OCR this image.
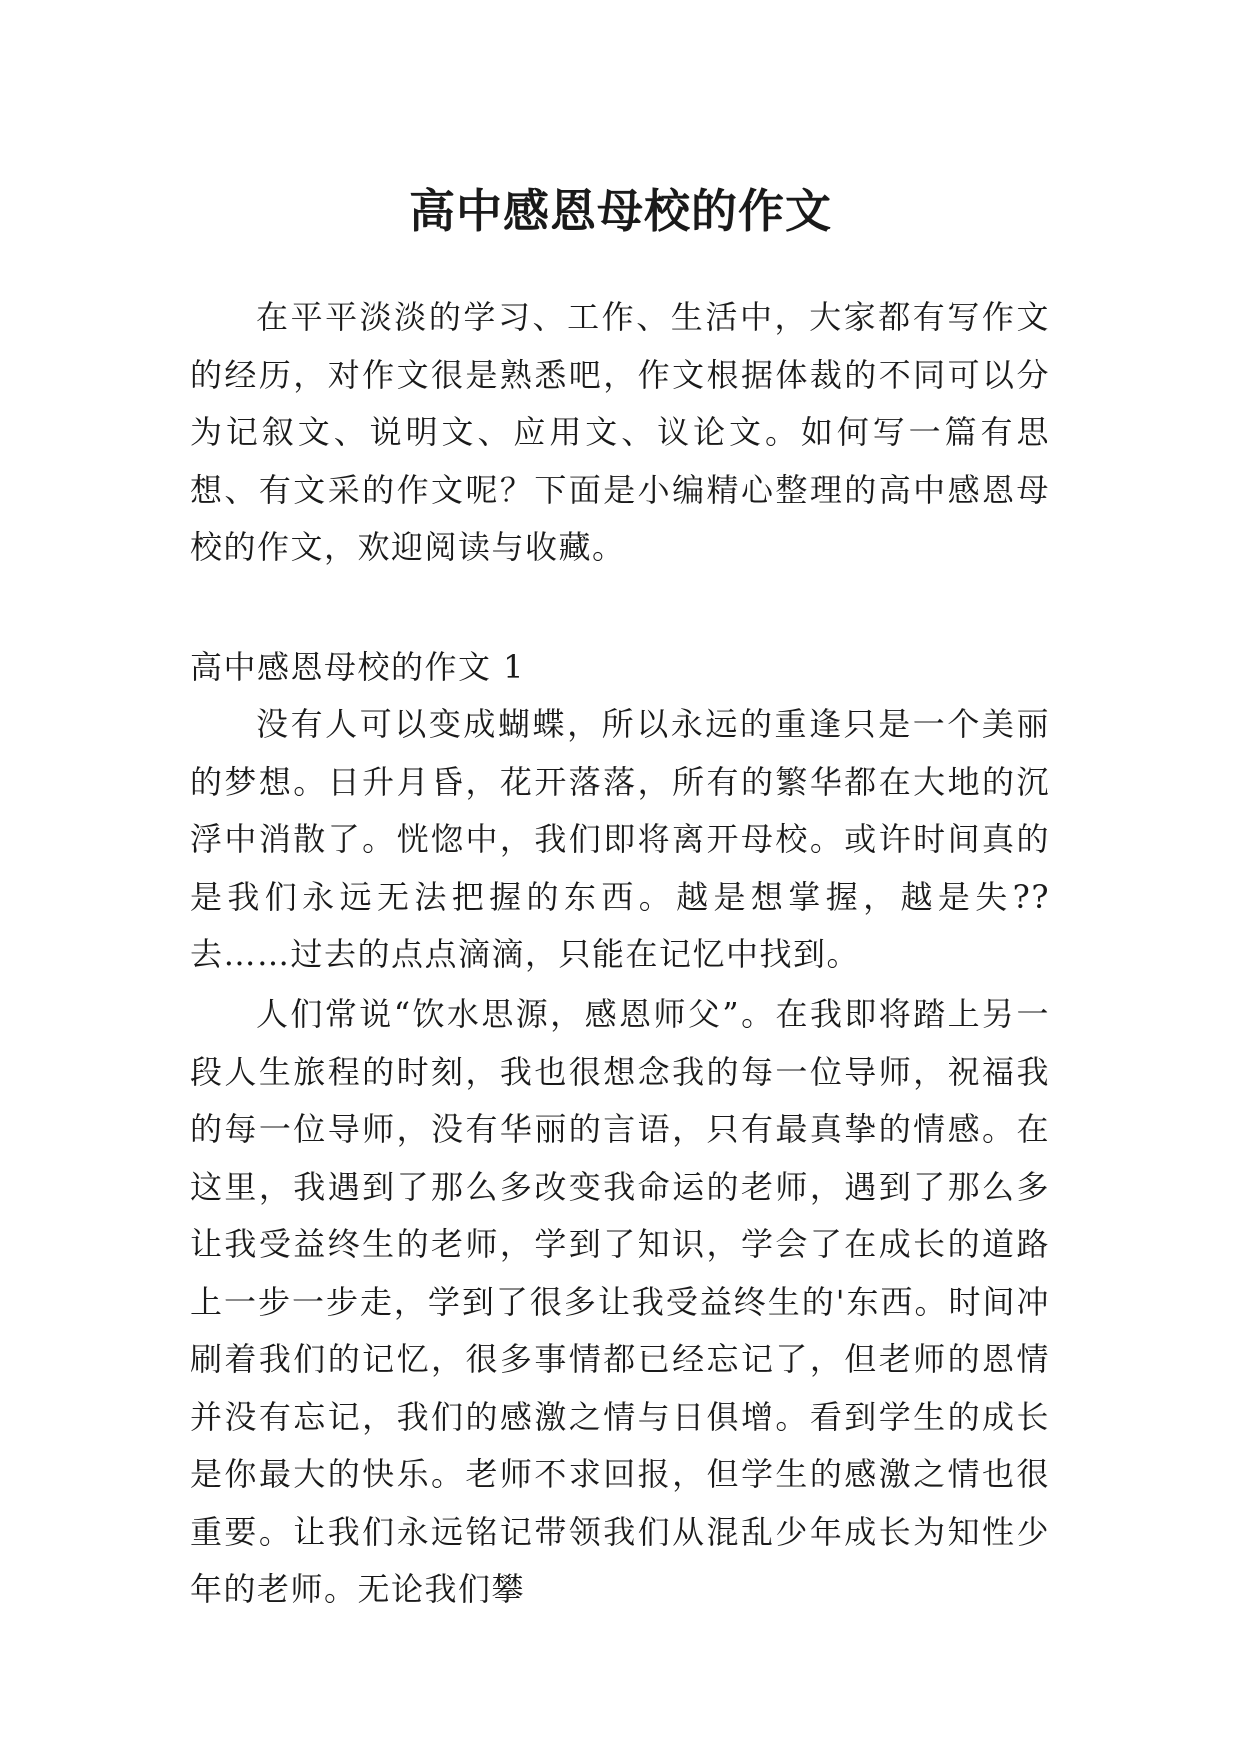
高中感恩母校的作文

在平平淡淡的学习、工作、生活中，大家都有写作文的经历，对作文很是熟悉吧，作文根据体裁的不同可以分为记叙文、说明文、应用文、议论文。如何写一篇有思想、有文采的作文呢？下面是小编精心整理的高中感恩母校的作文，欢迎阅读与收藏。

高中感恩母校的作文 1

没有人可以变成蝴蝶，所以永远的重逢只是一个美丽的梦想。日升月昏，花开落落，所有的繁华都在大地的沉浮中消散了。恍惚中，我们即将离开母校。或许时间真的是我们永远无法把握的东西。越是想掌握，越是失??去……过去的点点滴滴，只能在记忆中找到。

人们常说“饮水思源，感恩师父”。在我即将踏上另一段人生旅程的时刻，我也很想念我的每一位导师，祝福我的每一位导师，没有华丽的言语，只有最真挚的情感。在这里，我遇到了那么多改变我命运的老师，遇到了那么多让我受益终生的老师，学到了知识，学会了在成长的道路上一步一步走，学到了很多让我受益终生的'东西。时间冲刷着我们的记忆，很多事情都已经忘记了，但老师的恩情并没有忘记，我们的感激之情与日俱增。看到学生的成长是你最大的快乐。老师不求回报，但学生的感激之情也很重要。让我们永远铭记带领我们从混乱少年成长为知性少年的老师。无论我们攀
